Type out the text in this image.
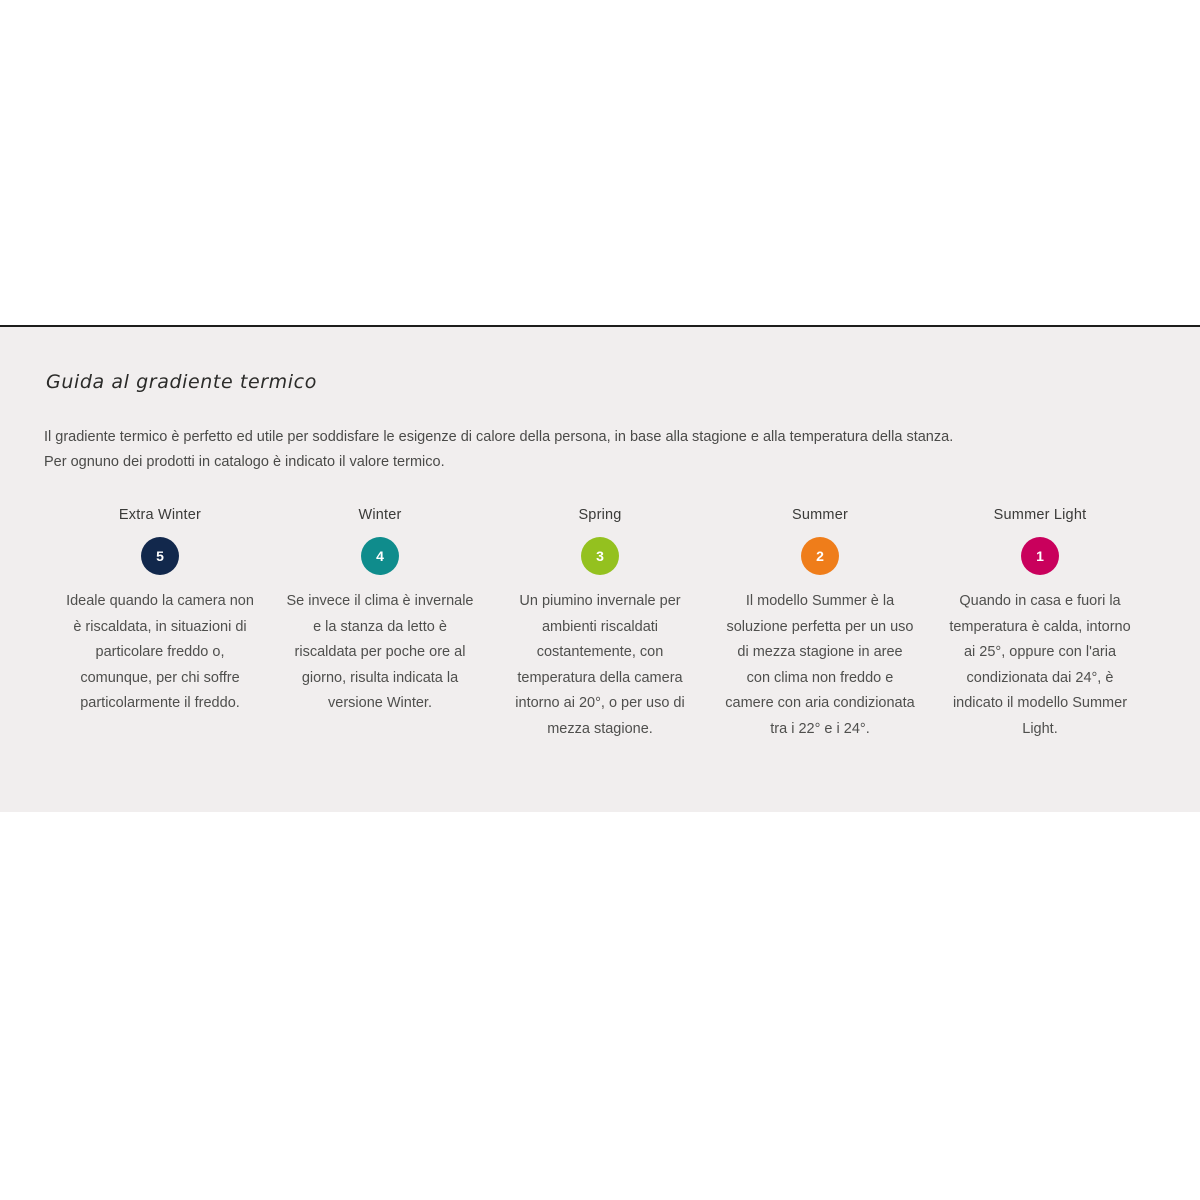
Guida al gradiente termico

Il gradiente termico è perfetto ed utile per soddisfare le esigenze di calore della persona, in base alla stagione e alla temperatura della stanza.

Per ognuno dei prodotti in catalogo è indicato il valore termico.

Extra Winter
5
Ideale quando la camera non è riscaldata, in situazioni di particolare freddo o, comunque, per chi soffre particolarmente il freddo.
Winter
4
Se invece il clima è invernale e la stanza da letto è riscaldata per poche ore al giorno, risulta indicata la versione Winter.
Spring
3
Un piumino invernale per ambienti riscaldati costantemente, con temperatura della camera intorno ai 20°, o per uso di mezza stagione.
Summer
2
Il modello Summer è la soluzione perfetta per un uso di mezza stagione in aree con clima non freddo e camere con aria condizionata tra i 22° e i 24°.
Summer Light
1
Quando in casa e fuori la temperatura è calda, intorno ai 25°, oppure con l'aria condizionata dai 24°, è indicato il modello Summer Light.
